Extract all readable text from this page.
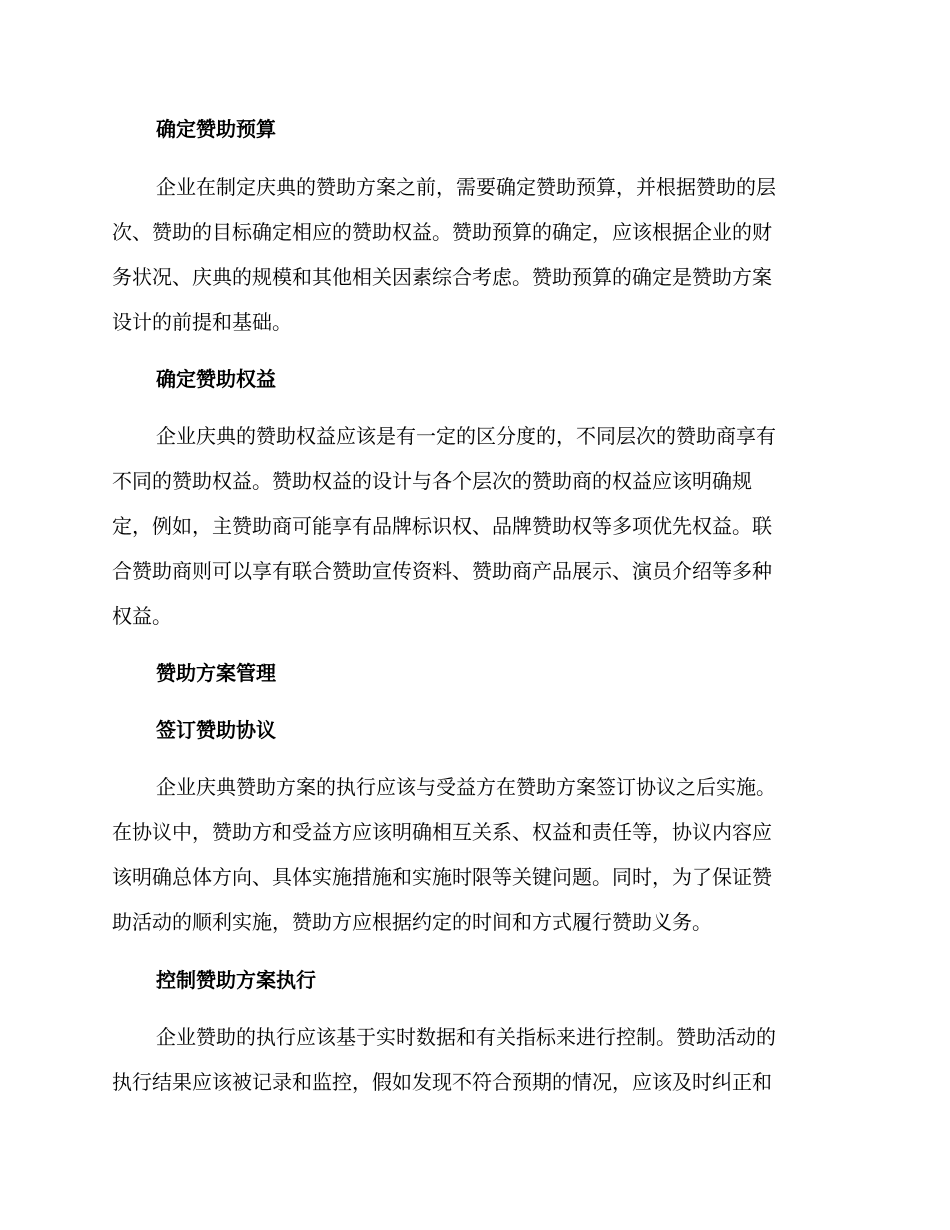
确定赞助预算
企业在制定庆典的赞助方案之前，需要确定赞助预算，并根据赞助的层
次、赞助的目标确定相应的赞助权益。赞助预算的确定，应该根据企业的财
务状况、庆典的规模和其他相关因素综合考虑。赞助预算的确定是赞助方案
设计的前提和基础。
确定赞助权益
企业庆典的赞助权益应该是有一定的区分度的，不同层次的赞助商享有
不同的赞助权益。赞助权益的设计与各个层次的赞助商的权益应该明确规
定，例如，主赞助商可能享有品牌标识权、品牌赞助权等多项优先权益。联
合赞助商则可以享有联合赞助宣传资料、赞助商产品展示、演员介绍等多种
权益。
赞助方案管理
签订赞助协议
企业庆典赞助方案的执行应该与受益方在赞助方案签订协议之后实施。
在协议中，赞助方和受益方应该明确相互关系、权益和责任等，协议内容应
该明确总体方向、具体实施措施和实施时限等关键问题。同时，为了保证赞
助活动的顺利实施，赞助方应根据约定的时间和方式履行赞助义务。
控制赞助方案执行
企业赞助的执行应该基于实时数据和有关指标来进行控制。赞助活动的
执行结果应该被记录和监控，假如发现不符合预期的情况，应该及时纠正和
